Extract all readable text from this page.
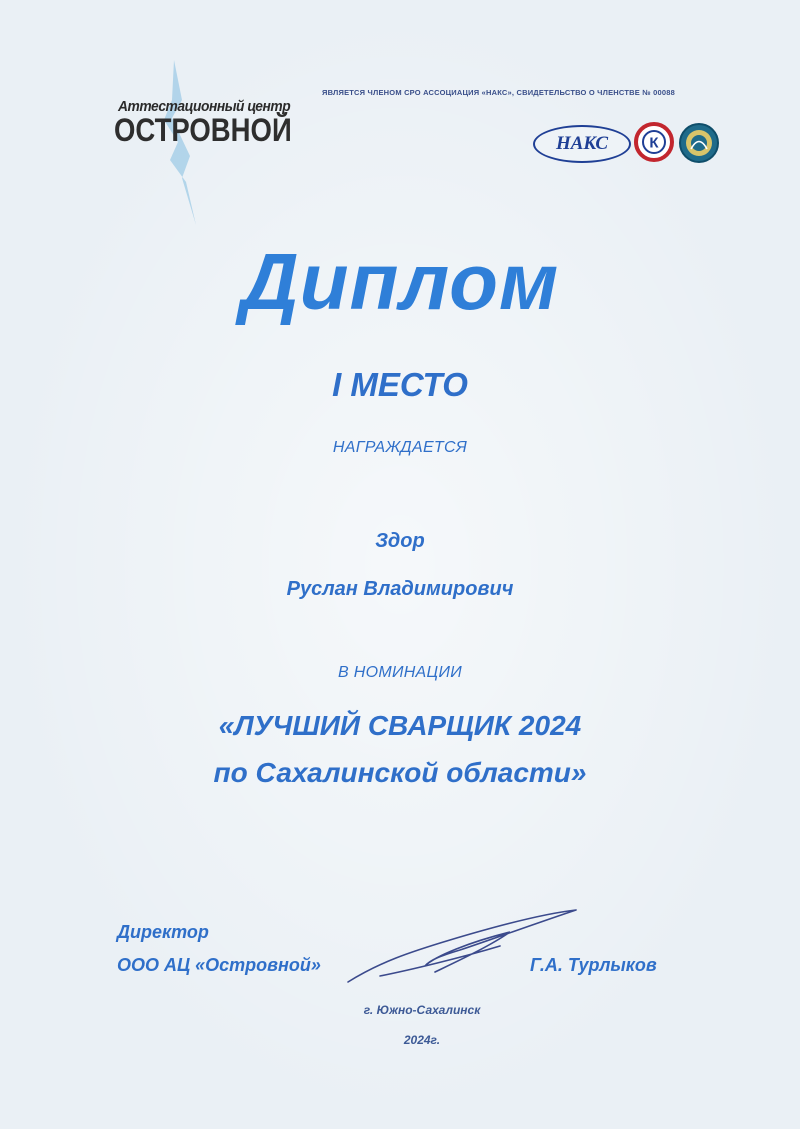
Аттестационный центр
ОСТРОВНОЙ
ЯВЛЯЕТСЯ ЧЛЕНОМ СРО АССОЦИАЦИЯ «НАКС», СВИДЕТЕЛЬСТВО О ЧЛЕНСТВЕ № 00088
НАКС	К
Диплом
I МЕСТО
НАГРАЖДАЕТСЯ
Здор
Руслан Владимирович
В НОМИНАЦИИ
«ЛУЧШИЙ СВАРЩИК 2024
по Сахалинской области»
Директор
ООО АЦ «Островной»	Г.А. Турлыков
г. Южно-Сахалинск
2024г.
